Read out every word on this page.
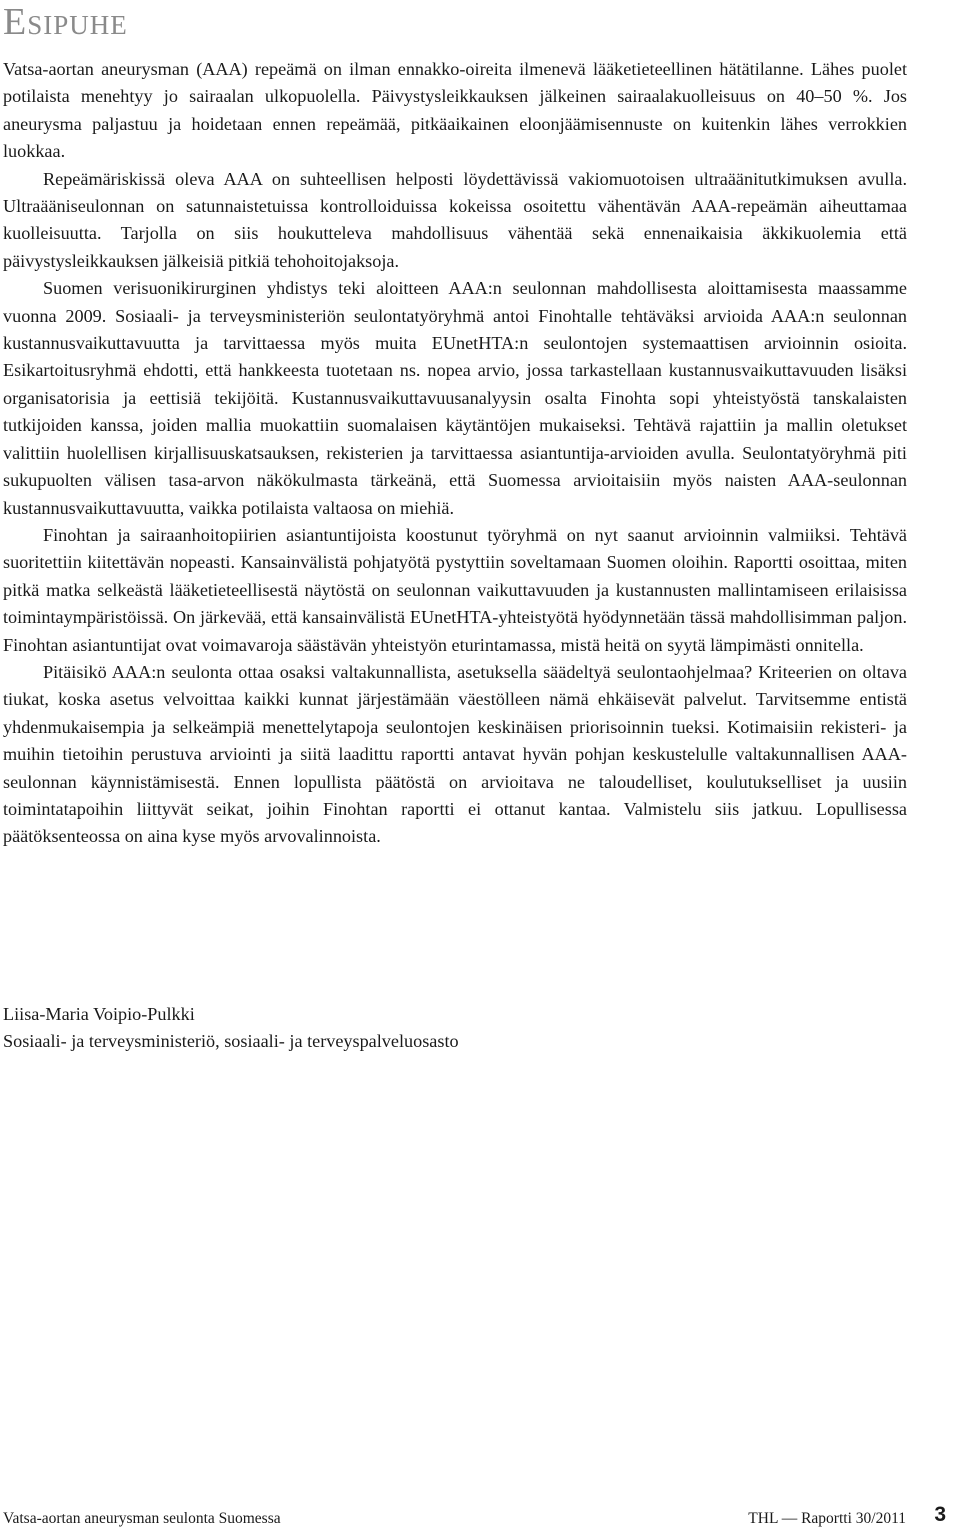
Esipuhe

Vatsa-aortan aneurysman (AAA) repeämä on ilman ennakko-oireita ilmenevä lääketieteellinen hätätilanne. Lähes puolet potilaista menehtyy jo sairaalan ulkopuolella. Päivystysleikkauksen jälkeinen sairaalakuolleisuus on 40–50 %. Jos aneurysma paljastuu ja hoidetaan ennen repeämää, pitkäaikainen eloonjäämisennuste on kuitenkin lähes verrokkien luokkaa.

Repeämäriskissä oleva AAA on suhteellisen helposti löydettävissä vakiomuotoisen ultraäänitutkimuksen avulla. Ultraääniseulonnan on satunnaistetuissa kontrolloiduissa kokeissa osoitettu vähentävän AAA-repeämän aiheuttamaa kuolleisuutta. Tarjolla on siis houkutteleva mahdollisuus vähentää sekä ennenaikaisia äkkikuolemia että päivystysleikkauksen jälkeisiä pitkiä tehohoitojaksoja.

Suomen verisuonikirurginen yhdistys teki aloitteen AAA:n seulonnan mahdollisesta aloittamisesta maassamme vuonna 2009. Sosiaali- ja terveysministeriön seulontatyöryhmä antoi Finohtalle tehtäväksi arvioida AAA:n seulonnan kustannusvaikuttavuutta ja tarvittaessa myös muita EUnetHTA:n seulontojen systemaattisen arvioinnin osioita. Esikartoitusryhmä ehdotti, että hankkeesta tuotetaan ns. nopea arvio, jossa tarkastellaan kustannusvaikuttavuuden lisäksi organisatorisia ja eettisiä tekijöitä. Kustannusvaikuttavuusanalyysin osalta Finohta sopi yhteistyöstä tanskalaisten tutkijoiden kanssa, joiden mallia muokattiin suomalaisen käytäntöjen mukaiseksi. Tehtävä rajattiin ja mallin oletukset valittiin huolellisen kirjallisuuskatsauksen, rekisterien ja tarvittaessa asiantuntija-arvioiden avulla. Seulontatyöryhmä piti sukupuolten välisen tasa-arvon näkökulmasta tärkeänä, että Suomessa arvioitaisiin myös naisten AAA-seulonnan kustannusvaikuttavuutta, vaikka potilaista valtaosa on miehiä.

Finohtan ja sairaanhoitopiirien asiantuntijoista koostunut työryhmä on nyt saanut arvioinnin valmiiksi. Tehtävä suoritettiin kiitettävän nopeasti. Kansainvälistä pohjatyötä pystyttiin soveltamaan Suomen oloihin. Raportti osoittaa, miten pitkä matka selkeästä lääketieteellisestä näytöstä on seulonnan vaikuttavuuden ja kustannusten mallintamiseen erilaisissa toimintaympäristöissä. On järkevää, että kansainvälistä EUnetHTA-yhteistyötä hyödynnetään tässä mahdollisimman paljon. Finohtan asiantuntijat ovat voimavaroja säästävän yhteistyön eturintamassa, mistä heitä on syytä lämpimästi onnitella.

Pitäisikö AAA:n seulonta ottaa osaksi valtakunnallista, asetuksella säädeltyä seulontaohjelmaa? Kriteerien on oltava tiukat, koska asetus velvoittaa kaikki kunnat järjestämään väestölleen nämä ehkäisevät palvelut. Tarvitsemme entistä yhdenmukaisempia ja selkeämpiä menettelytapoja seulontojen keskinäisen priorisoinnin tueksi. Kotimaisiin rekisteri- ja muihin tietoihin perustuva arviointi ja siitä laadittu raportti antavat hyvän pohjan keskustelulle valtakunnallisen AAA-seulonnan käynnistämisestä. Ennen lopullista päätöstä on arvioitava ne taloudelliset, koulutukselliset ja uusiin toimintatapoihin liittyvät seikat, joihin Finohtan raportti ei ottanut kantaa. Valmistelu siis jatkuu. Lopullisessa päätöksenteossa on aina kyse myös arvovalinnoista.

Liisa-Maria Voipio-Pulkki
Sosiaali- ja terveysministeriö, sosiaali- ja terveyspalveluosasto
Vatsa-aortan aneurysman seulonta Suomessa	THL — Raportti 30/2011 3
